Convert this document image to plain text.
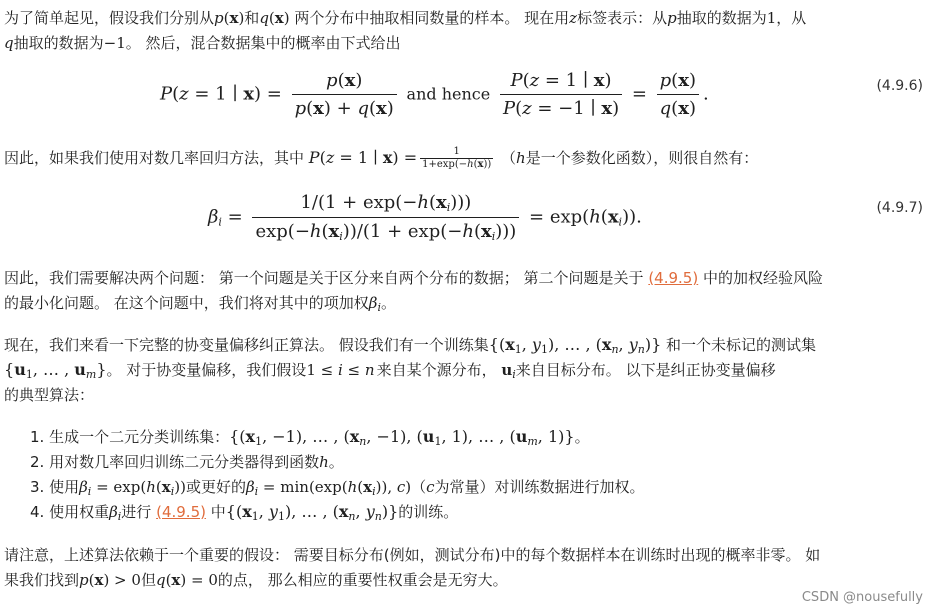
为了简单起见，假设我们分别从p(x)和q(x) 两个分布中抽取相同数量的样本。 现在用z标签表示：从p抽取的数据为1，从
q抽取的数据为−1。 然后，混合数据集中的概率由下式给出
P(z = 1 ∣ $x) = \frac{p(x)}{p(x) + q(x)}$ and hence $\frac{P(z = 1 ∣ x)}{P(z = -1 ∣ x)} = \frac{p(x)}{q(x)}$ .	(4.9.6)
因此，如果我们使用对数几率回归方法，其中 P(z = 1 ∣ $x) = \frac{1}{1+\exp(-h(x))} (h$是一个参数化函数），则很自然有：
$\beta_i = \frac{1/(1 + \exp(-h(x_i)))}{\exp(-h(x_i))/(1 + \exp(-h(x_i)))} = \exp(h(x_i))$.	(4.9.7)
因此，我们需要解决两个问题： 第一个问题是关于区分来自两个分布的数据； 第二个问题是关于 (4.9.5) 中的加权经验风险
的最小化问题。 在这个问题中，我们将对其中的项加权$\beta_i$。
现在，我们来看一下完整的协变量偏移纠正算法。 假设我们有一个训练集{($x_1$, $y_1$), … , ($x_n$, $y_n$)} 和一个未标记的测试集
{$u_1$, … , $u_m$}。 对于协变量偏移，我们假设1 ≤ i ≤ n 来自某个源分布， $u_i$来自目标分布。 以下是纠正协变量偏移
的典型算法：
1. 生成一个二元分类训练集：{($x_1$, −1), … , ($x_n$, −1), ($u_1$, 1), … , ($u_m$, 1)}。
2. 用对数几率回归训练二元分类器得到函数h。
3. 使用$\beta_i = \exp(h(x_i))$或更好的$\beta_i = \min(\exp(h(x_i))$, c)（c为常量）对训练数据进行加权。
4. 使用权重$\beta_i$进行 (4.9.5) 中{($x_1$, $y_1$), … , ($x_n$, $y_n$)}的训练。
请注意，上述算法依赖于一个重要的假设： 需要目标分布(例如，测试分布)中的每个数据样本在训练时出现的概率非零。 如
果我们找到p(x) > 0但q(x) = 0的点， 那么相应的重要性权重会是无穷大。
CSDN @nousefully
